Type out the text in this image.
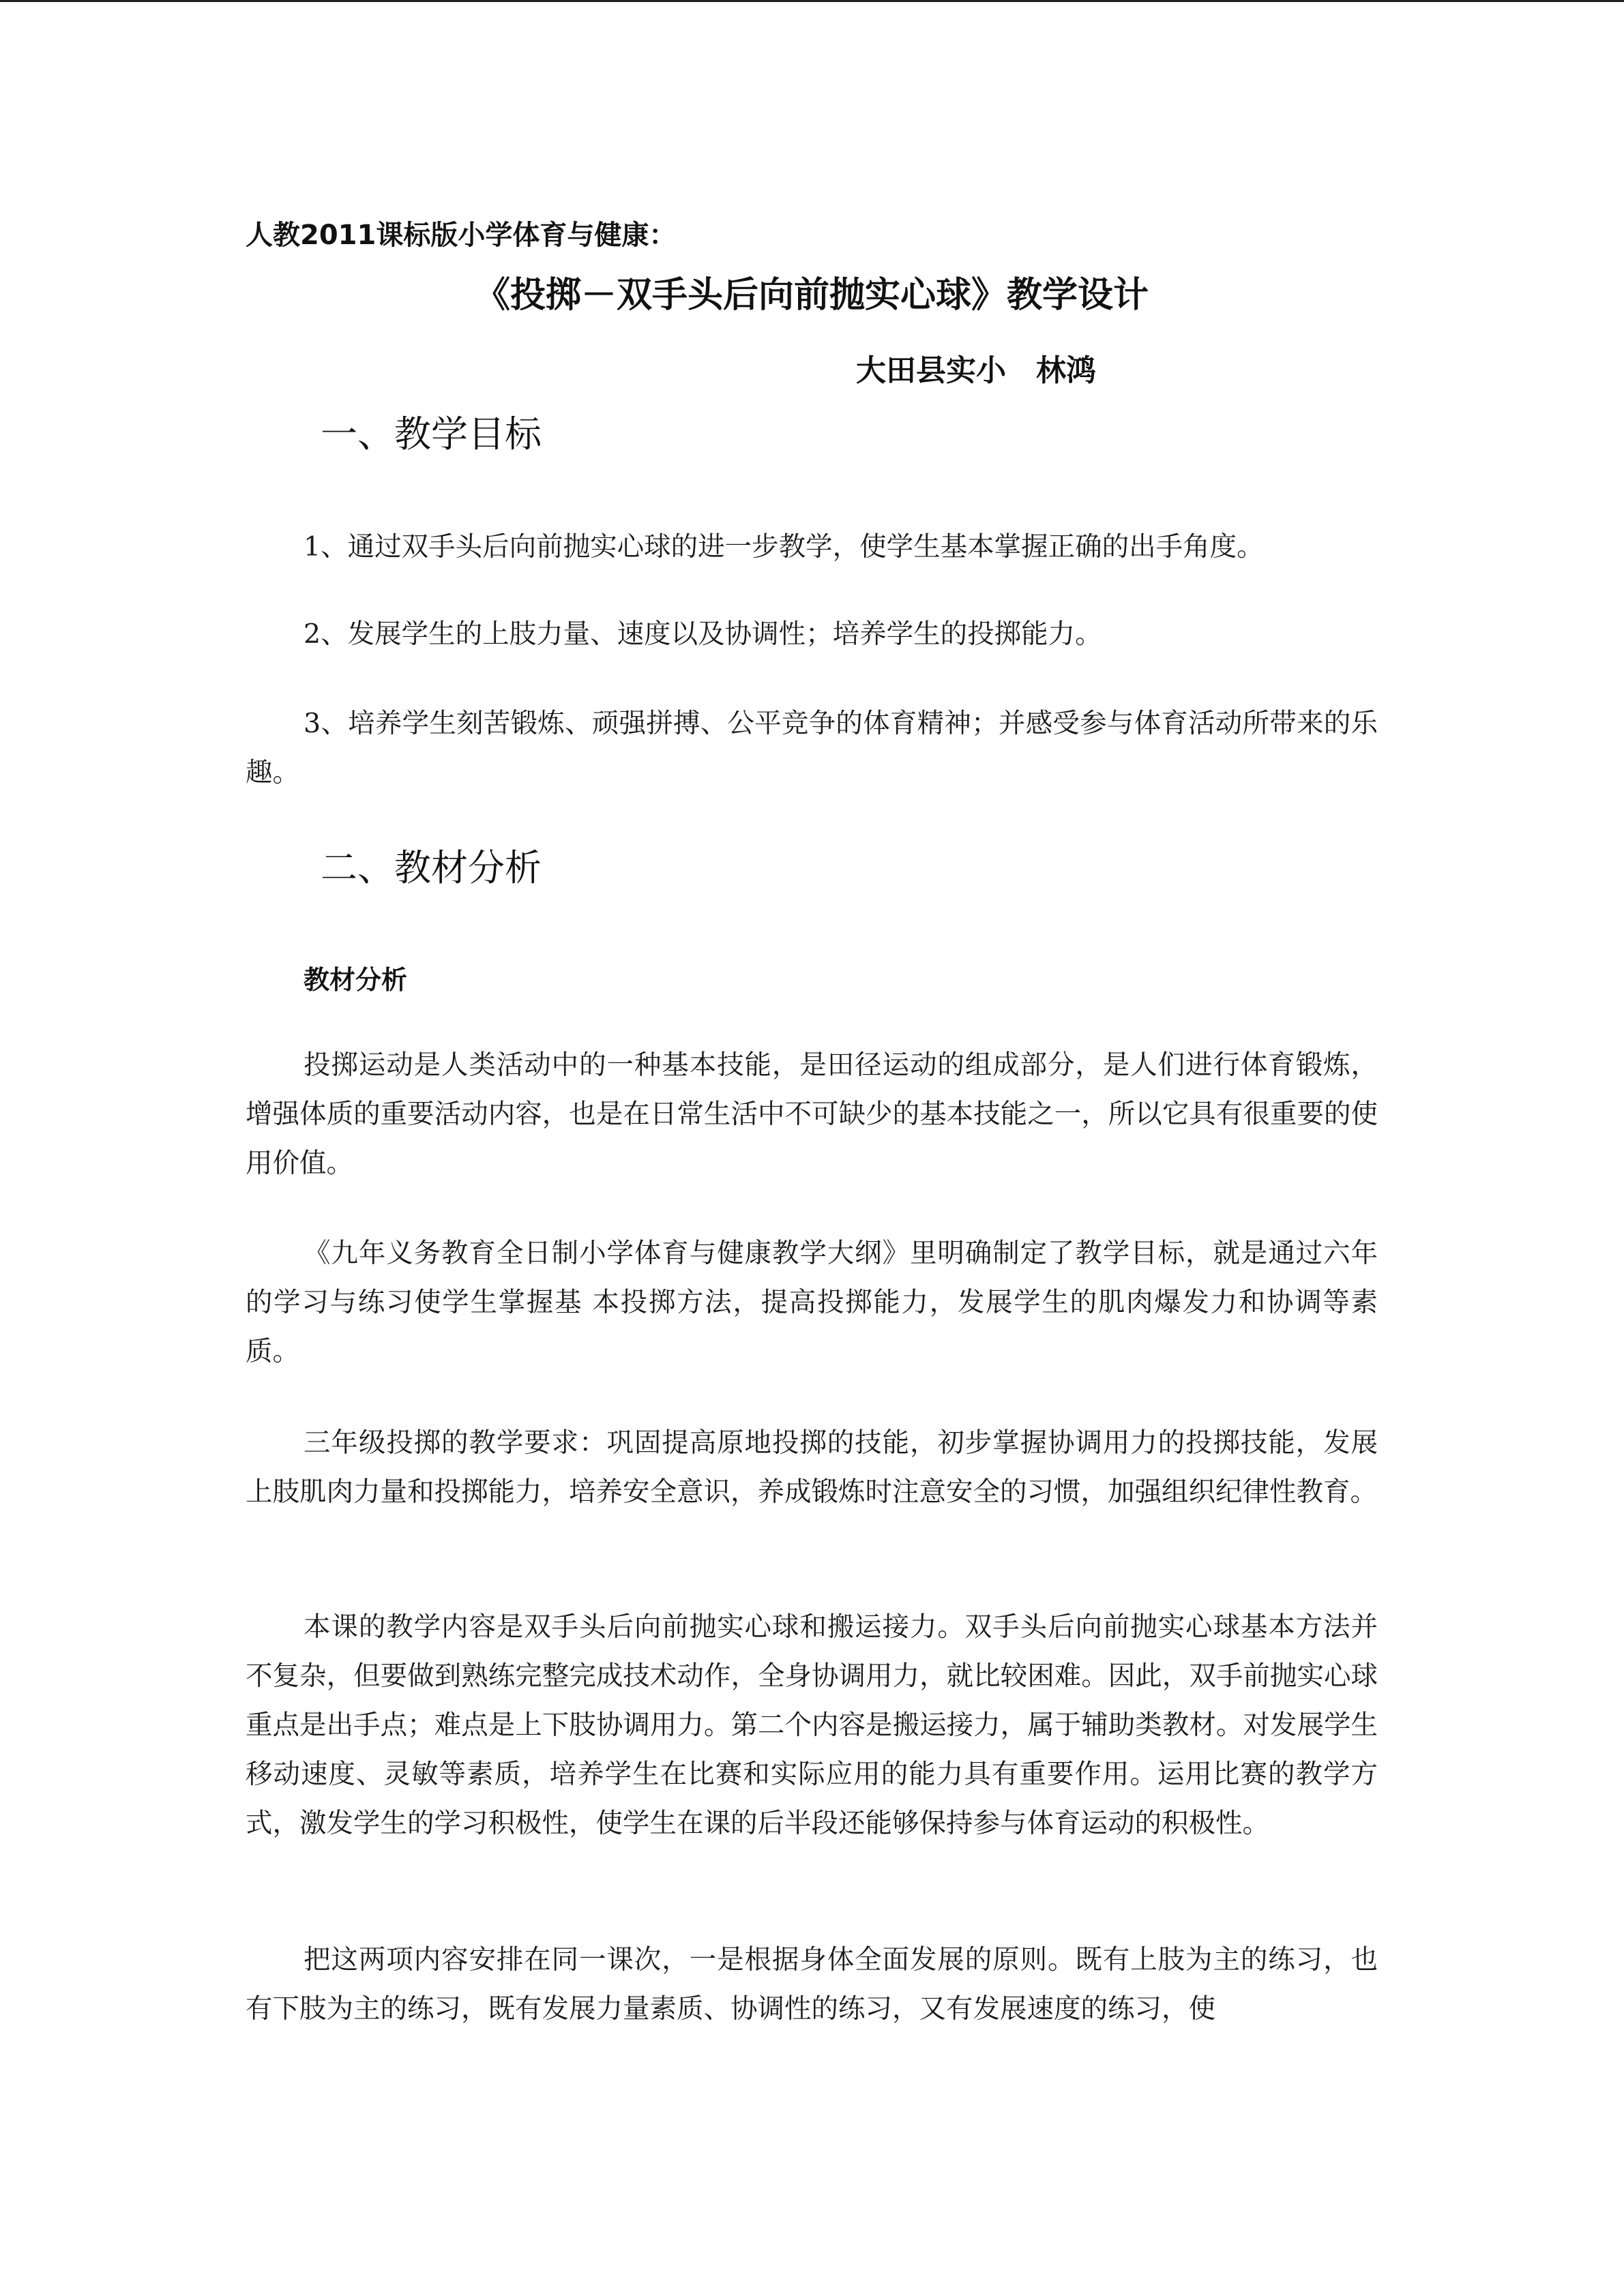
人教2011课标版小学体育与健康：
《投掷－双手头后向前抛实心球》教学设计
大田县实小　林鸿
一、教学目标
1、通过双手头后向前抛实心球的进一步教学，使学生基本掌握正确的出手角度。
2、发展学生的上肢力量、速度以及协调性；培养学生的投掷能力。
3、培养学生刻苦锻炼、顽强拼搏、公平竞争的体育精神；并感受参与体育活动所带来的乐趣。
二、教材分析
教材分析
投掷运动是人类活动中的一种基本技能，是田径运动的组成部分，是人们进行体育锻炼，增强体质的重要活动内容，也是在日常生活中不可缺少的基本技能之一，所以它具有很重要的使用价值。
《九年义务教育全日制小学体育与健康教学大纲》里明确制定了教学目标，就是通过六年的学习与练习使学生掌握基 本投掷方法，提高投掷能力，发展学生的肌肉爆发力和协调等素质。
三年级投掷的教学要求：巩固提高原地投掷的技能，初步掌握协调用力的投掷技能，发展上肢肌肉力量和投掷能力，培养安全意识，养成锻炼时注意安全的习惯，加强组织纪律性教育。
本课的教学内容是双手头后向前抛实心球和搬运接力。双手头后向前抛实心球基本方法并不复杂，但要做到熟练完整完成技术动作，全身协调用力，就比较困难。因此，双手前抛实心球重点是出手点；难点是上下肢协调用力。第二个内容是搬运接力，属于辅助类教材。对发展学生移动速度、灵敏等素质，培养学生在比赛和实际应用的能力具有重要作用。运用比赛的教学方式，激发学生的学习积极性，使学生在课的后半段还能够保持参与体育运动的积极性。
把这两项内容安排在同一课次，一是根据身体全面发展的原则。既有上肢为主的练习，也有下肢为主的练习，既有发展力量素质、协调性的练习，又有发展速度的练习，使
